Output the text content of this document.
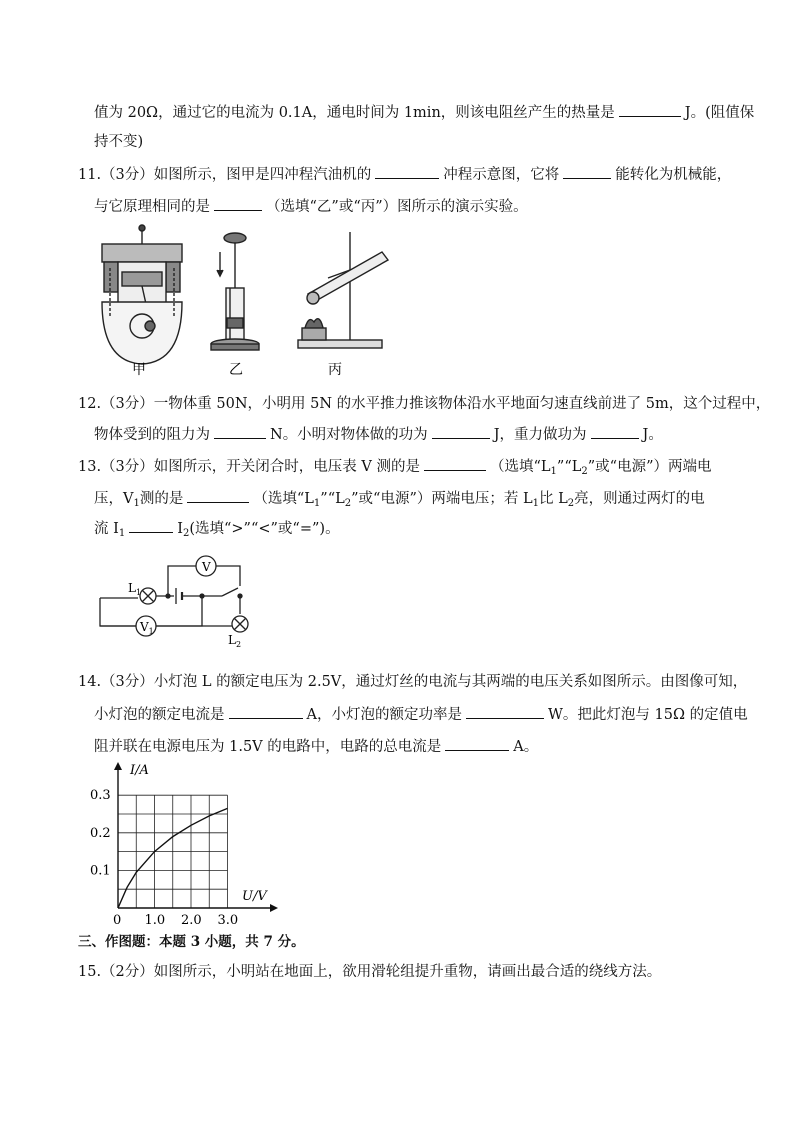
值为 20Ω，通过它的电流为 0.1A，通电时间为 1min，则该电阻丝产生的热量是	J。(阻值保
持不变)
11.（3分）如图所示，图甲是四冲程汽油机的	冲程示意图，它将	能转化为机械能，
与它原理相同的是	（选填“乙”或“丙”）图所示的演示实验。
甲	乙	丙
12.（3分）一物体重 50N，小明用 5N 的水平推力推该物体沿水平地面匀速直线前进了 5m，这个过程中，
物体受到的阻力为	N。小明对物体做的功为	J，重力做功为	J。
13.（3分）如图所示，开关闭合时，电压表 V 测的是	（选填“$L_1”“L_2$”或“电源”）两端电
压，$V_1$测的是	（选填“$L_1”“L_2$”或“电源”）两端电压；若 $L_1$比 $L_2$亮，则通过两灯的电
流 $I_1$	$I_2$(选填“>”“<”或“=”)。
$L_1$
V
$V_1$
$L_2$
14.（3分）小灯泡 L 的额定电压为 2.5V，通过灯丝的电流与其两端的电压关系如图所示。由图像可知，
小灯泡的额定电流是	A，小灯泡的额定功率是	W。把此灯泡与 15Ω 的定值电
阻并联在电源电压为 1.5V 的电路中，电路的总电流是	A。
I/A
U/V
0 1.0 2.0 3.0
0.1
0.2
0.3
三、作图题：本题 3 小题，共 7 分。
15.（2分）如图所示，小明站在地面上，欲用滑轮组提升重物，请画出最合适的绕线方法。
